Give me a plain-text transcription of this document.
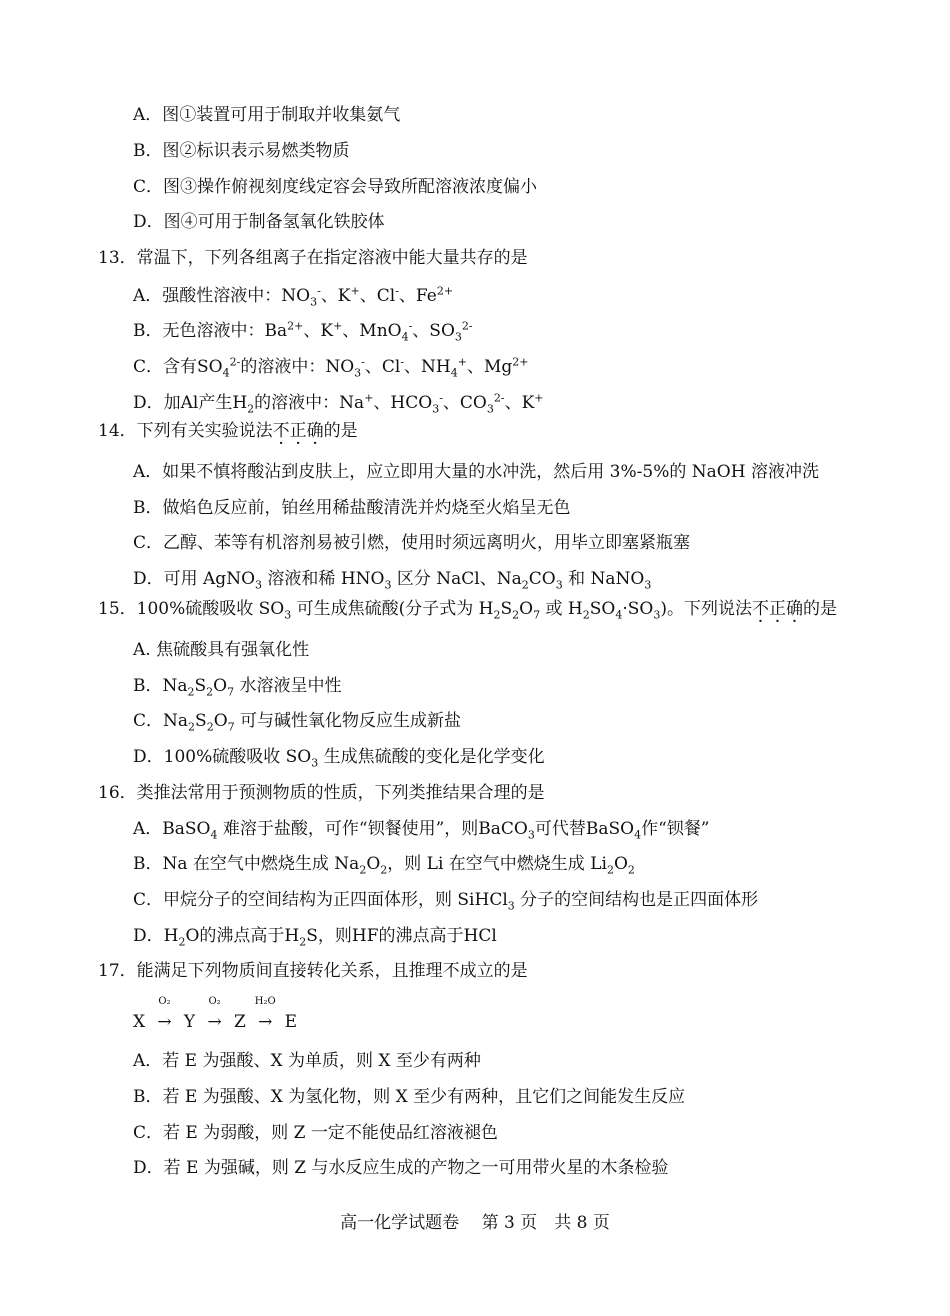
A．图①装置可用于制取并收集氨气
B．图②标识表示易燃类物质
C．图③操作俯视刻度线定容会导致所配溶液浓度偏小
D．图④可用于制备氢氧化铁胶体
13．常温下，下列各组离子在指定溶液中能大量共存的是
A．强酸性溶液中：$NO_3^-$、K+、Cl-、$Fe^{2+}$
B．无色溶液中：$Ba^{2+}$、K+、MnO$_4$-、$SO_3^{2-}$
C．含有$SO_4^{2-}$的溶液中：$NO_3^-$、Cl-、$NH_4^+$、$Mg^{2+}$
D．加Al产生$H_2$的溶液中：Na+、$HCO_3^-$、$CO_3^{2-}$、K+
14．下列有关实验说法不正确的是
A．如果不慎将酸沾到皮肤上，应立即用大量的水冲洗，然后用 3%-5%的 NaOH 溶液冲洗
B．做焰色反应前，铂丝用稀盐酸清洗并灼烧至火焰呈无色
C．乙醇、苯等有机溶剂易被引燃，使用时须远离明火，用毕立即塞紧瓶塞
D．可用 AgNO$_3$ 溶液和稀 $HNO_3$ 区分 NaCl、$Na_2CO_3$ 和 NaNO$_3$
15．100%硫酸吸收 $SO_3$ 可生成焦硫酸(分子式为 $H_2S_2O_7$ 或 $H_2SO_4\cdot SO_3$)。下列说法不正确的是
A. 焦硫酸具有强氧化性
B．$Na_2S_2O_7$ 水溶液呈中性
C．$Na_2S_2O_7$ 可与碱性氧化物反应生成新盐
D．100%硫酸吸收 $SO_3$ 生成焦硫酸的变化是化学变化
16．类推法常用于预测物质的性质，下列类推结果合理的是
A．BaSO$_4$ 难溶于盐酸，可作“钡餐使用”，则BaCO$_3$可代替BaSO$_4$作“钡餐”
B．Na 在空气中燃烧生成 $Na_2O_2$，则 Li 在空气中燃烧生成 $Li_2O_2$
C．甲烷分子的空间结构为正四面体形，则 SiHCl$_3$ 分子的空间结构也是正四面体形
D．$H_2O$的沸点高于$H_2S$，则HF的沸点高于HCl
17．能满足下列物质间直接转化关系，且推理不成立的是
X
O₂
→ Y
O₂
→ Z
H₂O
→ E
A．若 E 为强酸、X 为单质，则 X 至少有两种
B．若 E 为强酸、X 为氢化物，则 X 至少有两种，且它们之间能发生反应
C．若 E 为弱酸，则 Z 一定不能使品红溶液褪色
D．若 E 为强碱，则 Z 与水反应生成的产物之一可用带火星的木条检验
高一化学试题卷　 第 3 页　共 8 页
